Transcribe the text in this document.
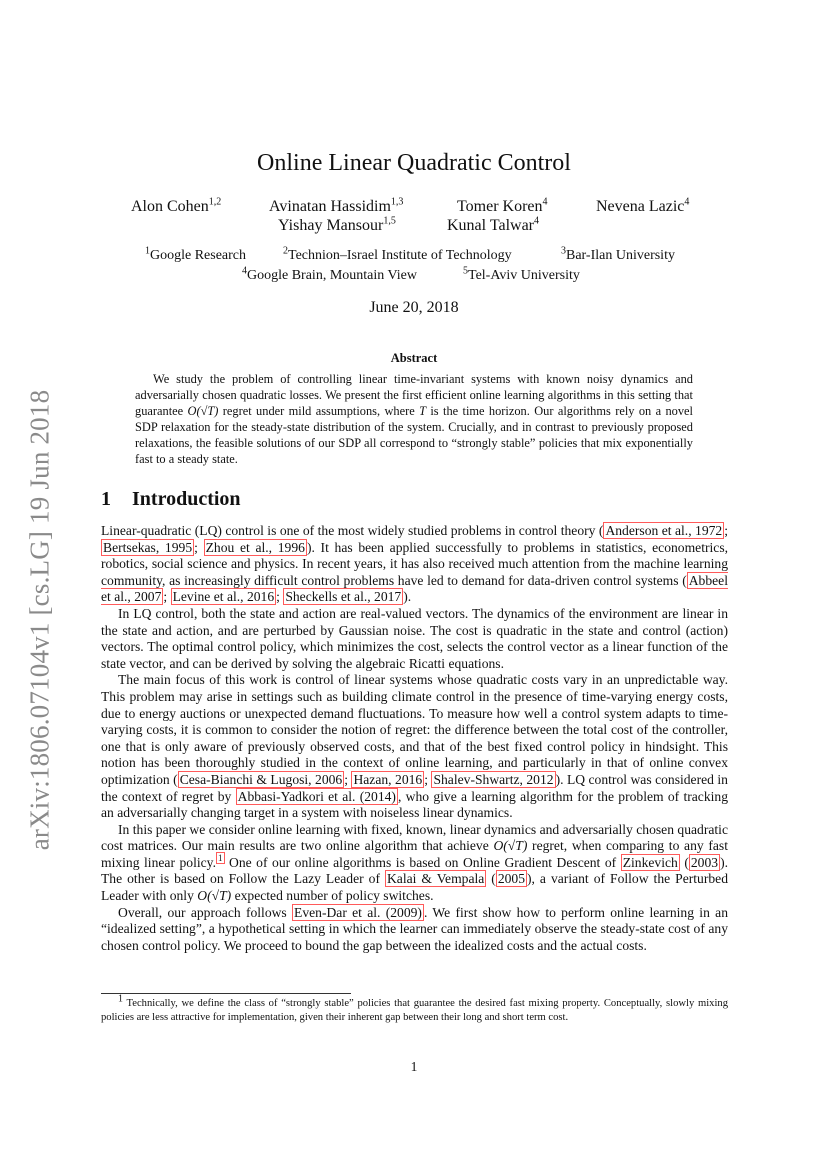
arXiv:1806.07104v1 [cs.LG] 19 Jun 2018
Online Linear Quadratic Control
Alon Cohen$^{1,2}$	Avinatan Hassidim$^{1,3}$	Tomer Koren$^4$	Nevena Lazic$^4$
Yishay Mansour$^{1,5}$	Kunal Talwar$^4$
$^1$Google Research	$^2$Technion–Israel Institute of Technology	$^3$Bar-Ilan University
$^4$Google Brain, Mountain View	$^5$Tel-Aviv University
June 20, 2018
Abstract

We study the problem of controlling linear time-invariant systems with known noisy dynamics and adversarially chosen quadratic losses. We present the first efficient online learning algorithms in this setting that guarantee O(√T) regret under mild assumptions, where T is the time horizon. Our algorithms rely on a novel SDP relaxation for the steady-state distribution of the system. Crucially, and in contrast to previously proposed relaxations, the feasible solutions of our SDP all correspond to “strongly stable” policies that mix exponentially fast to a steady state.

1 Introduction

Linear-quadratic (LQ) control is one of the most widely studied problems in control theory ( Anderson et al., 1972 ; Bertsekas, 1995 ; Zhou et al., 1996 ). It has been applied successfully to problems in statistics, econometrics, robotics, social science and physics. In recent years, it has also received much attention from the machine learning community, as increasingly difficult control problems have led to demand for data-driven control systems ( Abbeel et al., 2007 ; Levine et al., 2016 ; Sheckells et al., 2017 ).

In LQ control, both the state and action are real-valued vectors. The dynamics of the environment are linear in the state and action, and are perturbed by Gaussian noise. The cost is quadratic in the state and control (action) vectors. The optimal control policy, which minimizes the cost, selects the control vector as a linear function of the state vector, and can be derived by solving the algebraic Ricatti equations.

The main focus of this work is control of linear systems whose quadratic costs vary in an unpredictable way. This problem may arise in settings such as building climate control in the presence of time-varying energy costs, due to energy auctions or unexpected demand fluctuations. To measure how well a control system adapts to time-varying costs, it is common to consider the notion of regret: the difference between the total cost of the controller, one that is only aware of previously observed costs, and that of the best fixed control policy in hindsight. This notion has been thoroughly studied in the context of online learning, and particularly in that of online convex optimization ( Cesa-Bianchi & Lugosi, 2006 ; Hazan, 2016 ; Shalev-Shwartz, 2012 ). LQ control was considered in the context of regret by Abbasi-Yadkori et al. (2014) , who give a learning algorithm for the problem of tracking an adversarially changing target in a system with noiseless linear dynamics.

In this paper we consider online learning with fixed, known, linear dynamics and adversarially chosen quadratic cost matrices. Our main results are two online algorithm that achieve O(√T) regret, when comparing to any fast mixing linear policy. $^1$ One of our online algorithms is based on Online Gradient Descent of Zinkevich ( 2003 ). The other is based on Follow the Lazy Leader of Kalai & Vempala ( 2005 ), a variant of Follow the Perturbed Leader with only O(√T) expected number of policy switches.

Overall, our approach follows Even-Dar et al. (2009) . We first show how to perform online learning in an “idealized setting”, a hypothetical setting in which the learner can immediately observe the steady-state cost of any chosen control policy. We proceed to bound the gap between the idealized costs and the actual costs.

$^1$ Technically, we define the class of “strongly stable” policies that guarantee the desired fast mixing property. Conceptually, slowly mixing policies are less attractive for implementation, given their inherent gap between their long and short term cost.

1
